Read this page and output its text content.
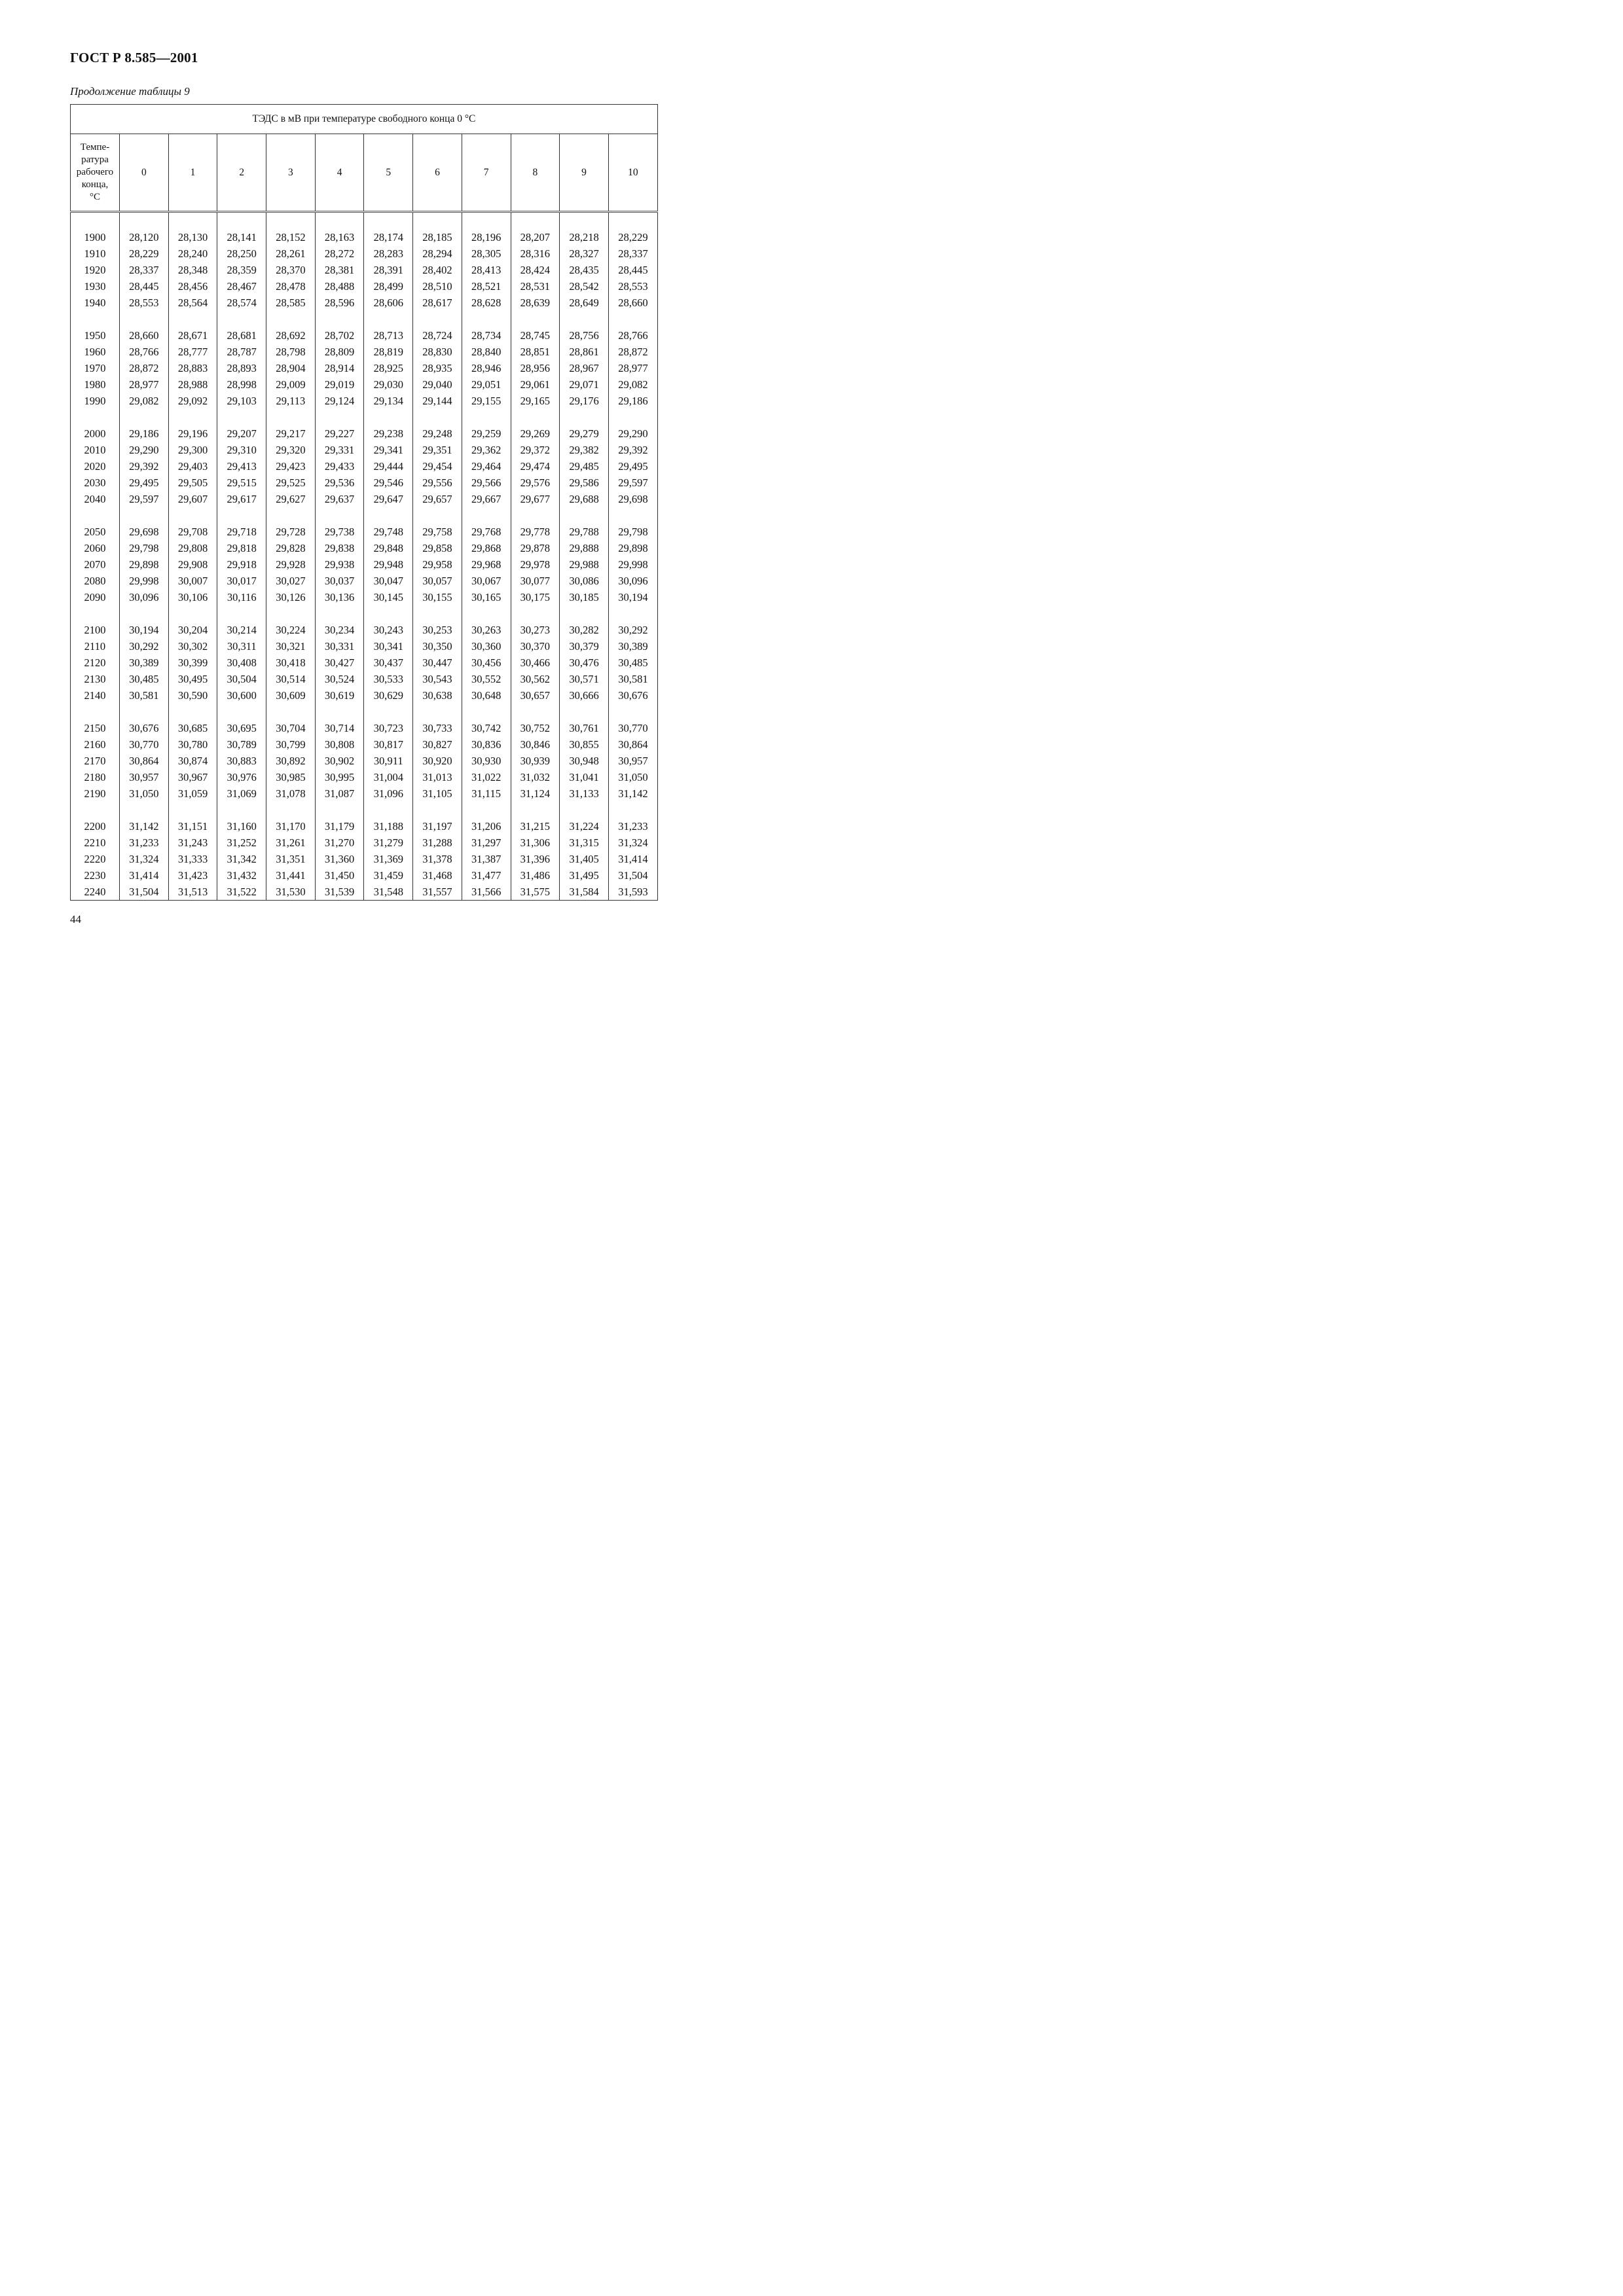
ГОСТ Р 8.585—2001
Продолжение таблицы 9
ТЭДС в мВ при температуре свободного конца 0 °С											

Темпе-
ратура
рабочего
конца,
°С	0	1	2	3	4	5	6	7	8	9	10

1900	28,120	28,130	28,141	28,152	28,163	28,174	28,185	28,196	28,207	28,218	28,229
1910	28,229	28,240	28,250	28,261	28,272	28,283	28,294	28,305	28,316	28,327	28,337
1920	28,337	28,348	28,359	28,370	28,381	28,391	28,402	28,413	28,424	28,435	28,445
1930	28,445	28,456	28,467	28,478	28,488	28,499	28,510	28,521	28,531	28,542	28,553
1940	28,553	28,564	28,574	28,585	28,596	28,606	28,617	28,628	28,639	28,649	28,660

1950	28,660	28,671	28,681	28,692	28,702	28,713	28,724	28,734	28,745	28,756	28,766
1960	28,766	28,777	28,787	28,798	28,809	28,819	28,830	28,840	28,851	28,861	28,872
1970	28,872	28,883	28,893	28,904	28,914	28,925	28,935	28,946	28,956	28,967	28,977
1980	28,977	28,988	28,998	29,009	29,019	29,030	29,040	29,051	29,061	29,071	29,082
1990	29,082	29,092	29,103	29,113	29,124	29,134	29,144	29,155	29,165	29,176	29,186

2000	29,186	29,196	29,207	29,217	29,227	29,238	29,248	29,259	29,269	29,279	29,290
2010	29,290	29,300	29,310	29,320	29,331	29,341	29,351	29,362	29,372	29,382	29,392
2020	29,392	29,403	29,413	29,423	29,433	29,444	29,454	29,464	29,474	29,485	29,495
2030	29,495	29,505	29,515	29,525	29,536	29,546	29,556	29,566	29,576	29,586	29,597
2040	29,597	29,607	29,617	29,627	29,637	29,647	29,657	29,667	29,677	29,688	29,698

2050	29,698	29,708	29,718	29,728	29,738	29,748	29,758	29,768	29,778	29,788	29,798
2060	29,798	29,808	29,818	29,828	29,838	29,848	29,858	29,868	29,878	29,888	29,898
2070	29,898	29,908	29,918	29,928	29,938	29,948	29,958	29,968	29,978	29,988	29,998
2080	29,998	30,007	30,017	30,027	30,037	30,047	30,057	30,067	30,077	30,086	30,096
2090	30,096	30,106	30,116	30,126	30,136	30,145	30,155	30,165	30,175	30,185	30,194

2100	30,194	30,204	30,214	30,224	30,234	30,243	30,253	30,263	30,273	30,282	30,292
2110	30,292	30,302	30,311	30,321	30,331	30,341	30,350	30,360	30,370	30,379	30,389
2120	30,389	30,399	30,408	30,418	30,427	30,437	30,447	30,456	30,466	30,476	30,485
2130	30,485	30,495	30,504	30,514	30,524	30,533	30,543	30,552	30,562	30,571	30,581
2140	30,581	30,590	30,600	30,609	30,619	30,629	30,638	30,648	30,657	30,666	30,676

2150	30,676	30,685	30,695	30,704	30,714	30,723	30,733	30,742	30,752	30,761	30,770
2160	30,770	30,780	30,789	30,799	30,808	30,817	30,827	30,836	30,846	30,855	30,864
2170	30,864	30,874	30,883	30,892	30,902	30,911	30,920	30,930	30,939	30,948	30,957
2180	30,957	30,967	30,976	30,985	30,995	31,004	31,013	31,022	31,032	31,041	31,050
2190	31,050	31,059	31,069	31,078	31,087	31,096	31,105	31,115	31,124	31,133	31,142

2200	31,142	31,151	31,160	31,170	31,179	31,188	31,197	31,206	31,215	31,224	31,233
2210	31,233	31,243	31,252	31,261	31,270	31,279	31,288	31,297	31,306	31,315	31,324
2220	31,324	31,333	31,342	31,351	31,360	31,369	31,378	31,387	31,396	31,405	31,414
2230	31,414	31,423	31,432	31,441	31,450	31,459	31,468	31,477	31,486	31,495	31,504
2240	31,504	31,513	31,522	31,530	31,539	31,548	31,557	31,566	31,575	31,584	31,593
44
